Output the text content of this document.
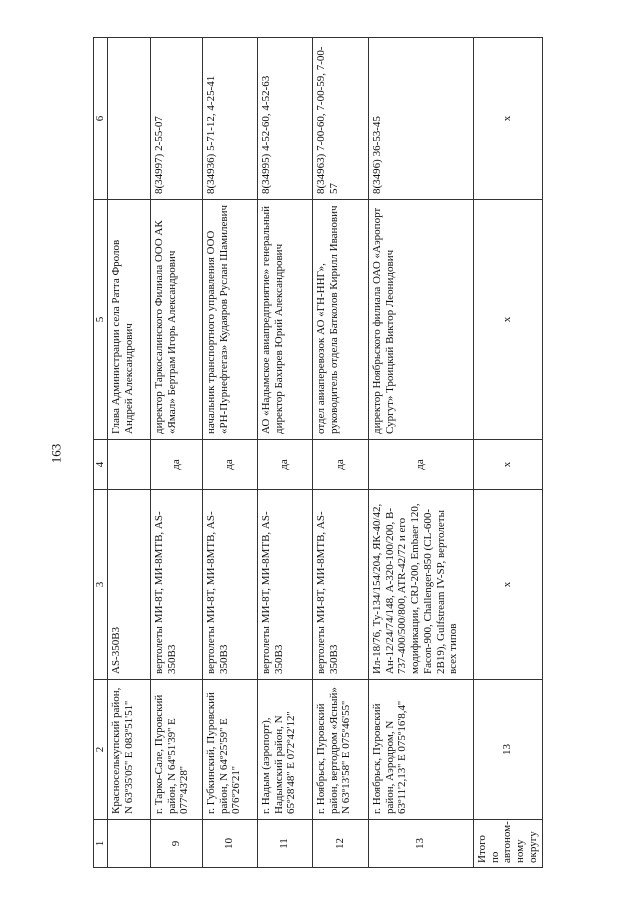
163
1	2	3	4	5	6
	Красноселькупский район, N 63º35'05'' E 083º51'51''	AS-350B3		Глава Администрации села Ратта Фролов Андрей Александрович	
9	г. Тарко-Сале, Пуровский район, N 64º51'39'' E 077º43'28''	вертолеты МИ-8Т, МИ-8МТВ, AS-350B3	да	директор Таркосалинского Филиала ООО АК «Ямал» Бертрам Игорь Александрович	8(34997) 2-55-07
10	г. Губкинский, Пуровский район, N 64º25'59'' E 076º26'21''	вертолеты МИ-8Т, МИ-8МТВ, AS-350B3	да	начальник транспортного управления ООО «РН-Пурнефтегаз» Кудаяров Руслан Шамилевич	8(34936) 5-71-12, 4-25-41
11	г. Надым (аэропорт), Надымский район, N 65º28'48'' E 072º42'12''	вертолеты МИ-8Т, МИ-8МТВ, AS-350B3	да	АО «Надымское авиапредприятие» генеральный директор Бахирев Юрий Александрович	8(34995) 4-52-60, 4-52-63
12	г. Ноябрьск, Пуровский район, вертодром «Ясный» N 63º13'58'' E 075º46'55''	вертолеты МИ-8Т, МИ-8МТВ, AS-350B3	да	отдел авиаперевозок АО «ГН-ННГ», руководитель отдела Батколов Кирилл Иванович	8(34963) 7-00-60, 7-00-59, 7-00-57
13	г. Ноябрьск, Пуровский район, Аэродром, N 63º11'2,13'' E 075º16'8,4''	Ил-18/76, Ту-134/154/204, ЯК-40/42, Ан-12/24/74/148, A-320-100/200, B-737-400/500/800, ATR-42/72 и его модификации, CRJ-200, Embaer 120, Facon-900, Challenger-850 (CL-600-2B19), Gulfstream IV-SP, вертолеты всех типов	да	директор Ноябрьского филиала ОАО «Аэропорт Сургут» Троицкий Виктор Леонидович	8(3496) 36-53-45
Итого по автоном-ному округу	13	х	х	х	х
